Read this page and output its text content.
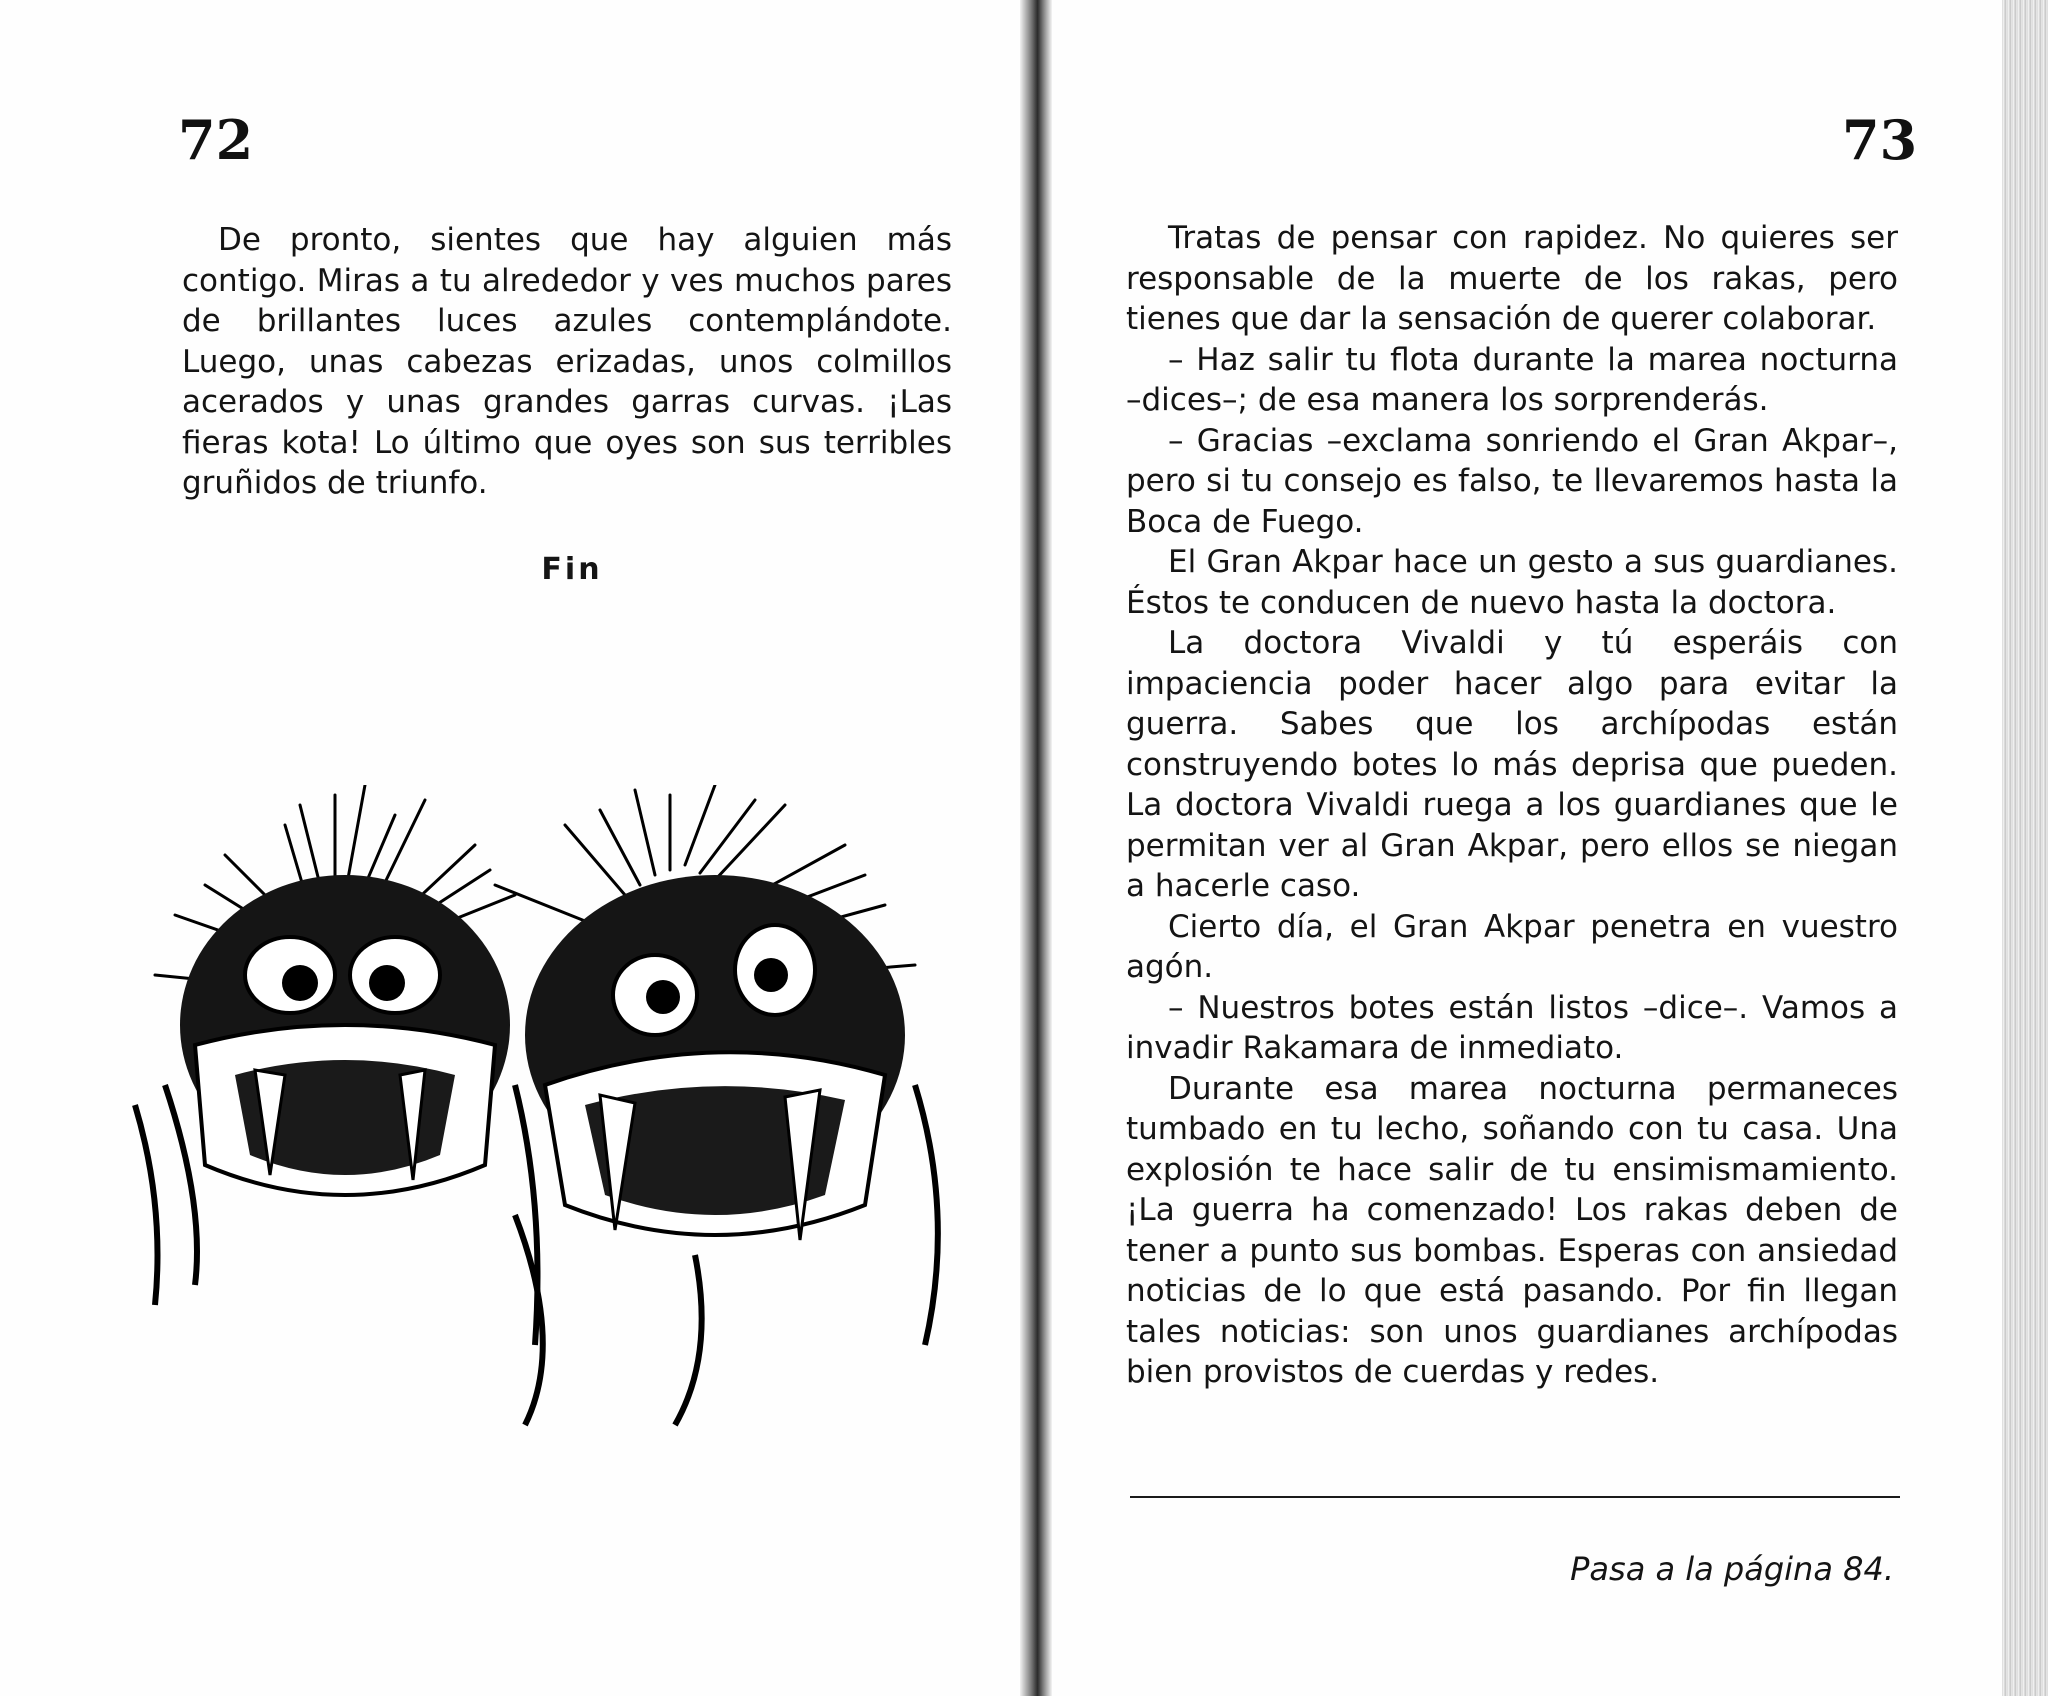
72

De pronto, sientes que hay alguien más contigo. Miras a tu alrededor y ves muchos pares de brillantes luces azules contemplándote. Luego, unas cabezas erizadas, unos colmillos acerados y unas grandes garras curvas. ¡Las fieras kota! Lo último que oyes son sus terribles gruñidos de triunfo.

Fin
73

Tratas de pensar con rapidez. No quieres ser responsable de la muerte de los rakas, pero tienes que dar la sensación de querer colaborar.

– Haz salir tu flota durante la marea nocturna –dices–; de esa manera los sorprenderás.

– Gracias –exclama sonriendo el Gran Akpar–, pero si tu consejo es falso, te llevaremos hasta la Boca de Fuego.

El Gran Akpar hace un gesto a sus guardianes. Éstos te conducen de nuevo hasta la doctora.

La doctora Vivaldi y tú esperáis con impaciencia poder hacer algo para evitar la guerra. Sabes que los archípodas están construyendo botes lo más deprisa que pueden. La doctora Vivaldi ruega a los guardianes que le permitan ver al Gran Akpar, pero ellos se niegan a hacerle caso.

Cierto día, el Gran Akpar penetra en vuestro agón.

– Nuestros botes están listos –dice–. Vamos a invadir Rakamara de inmediato.

Durante esa marea nocturna permaneces tumbado en tu lecho, soñando con tu casa. Una explosión te hace salir de tu ensimismamiento. ¡La guerra ha comenzado! Los rakas deben de tener a punto sus bombas. Esperas con ansiedad noticias de lo que está pasando. Por fin llegan tales noticias: son unos guardianes archípodas bien provistos de cuerdas y redes.

Pasa a la página 84.
